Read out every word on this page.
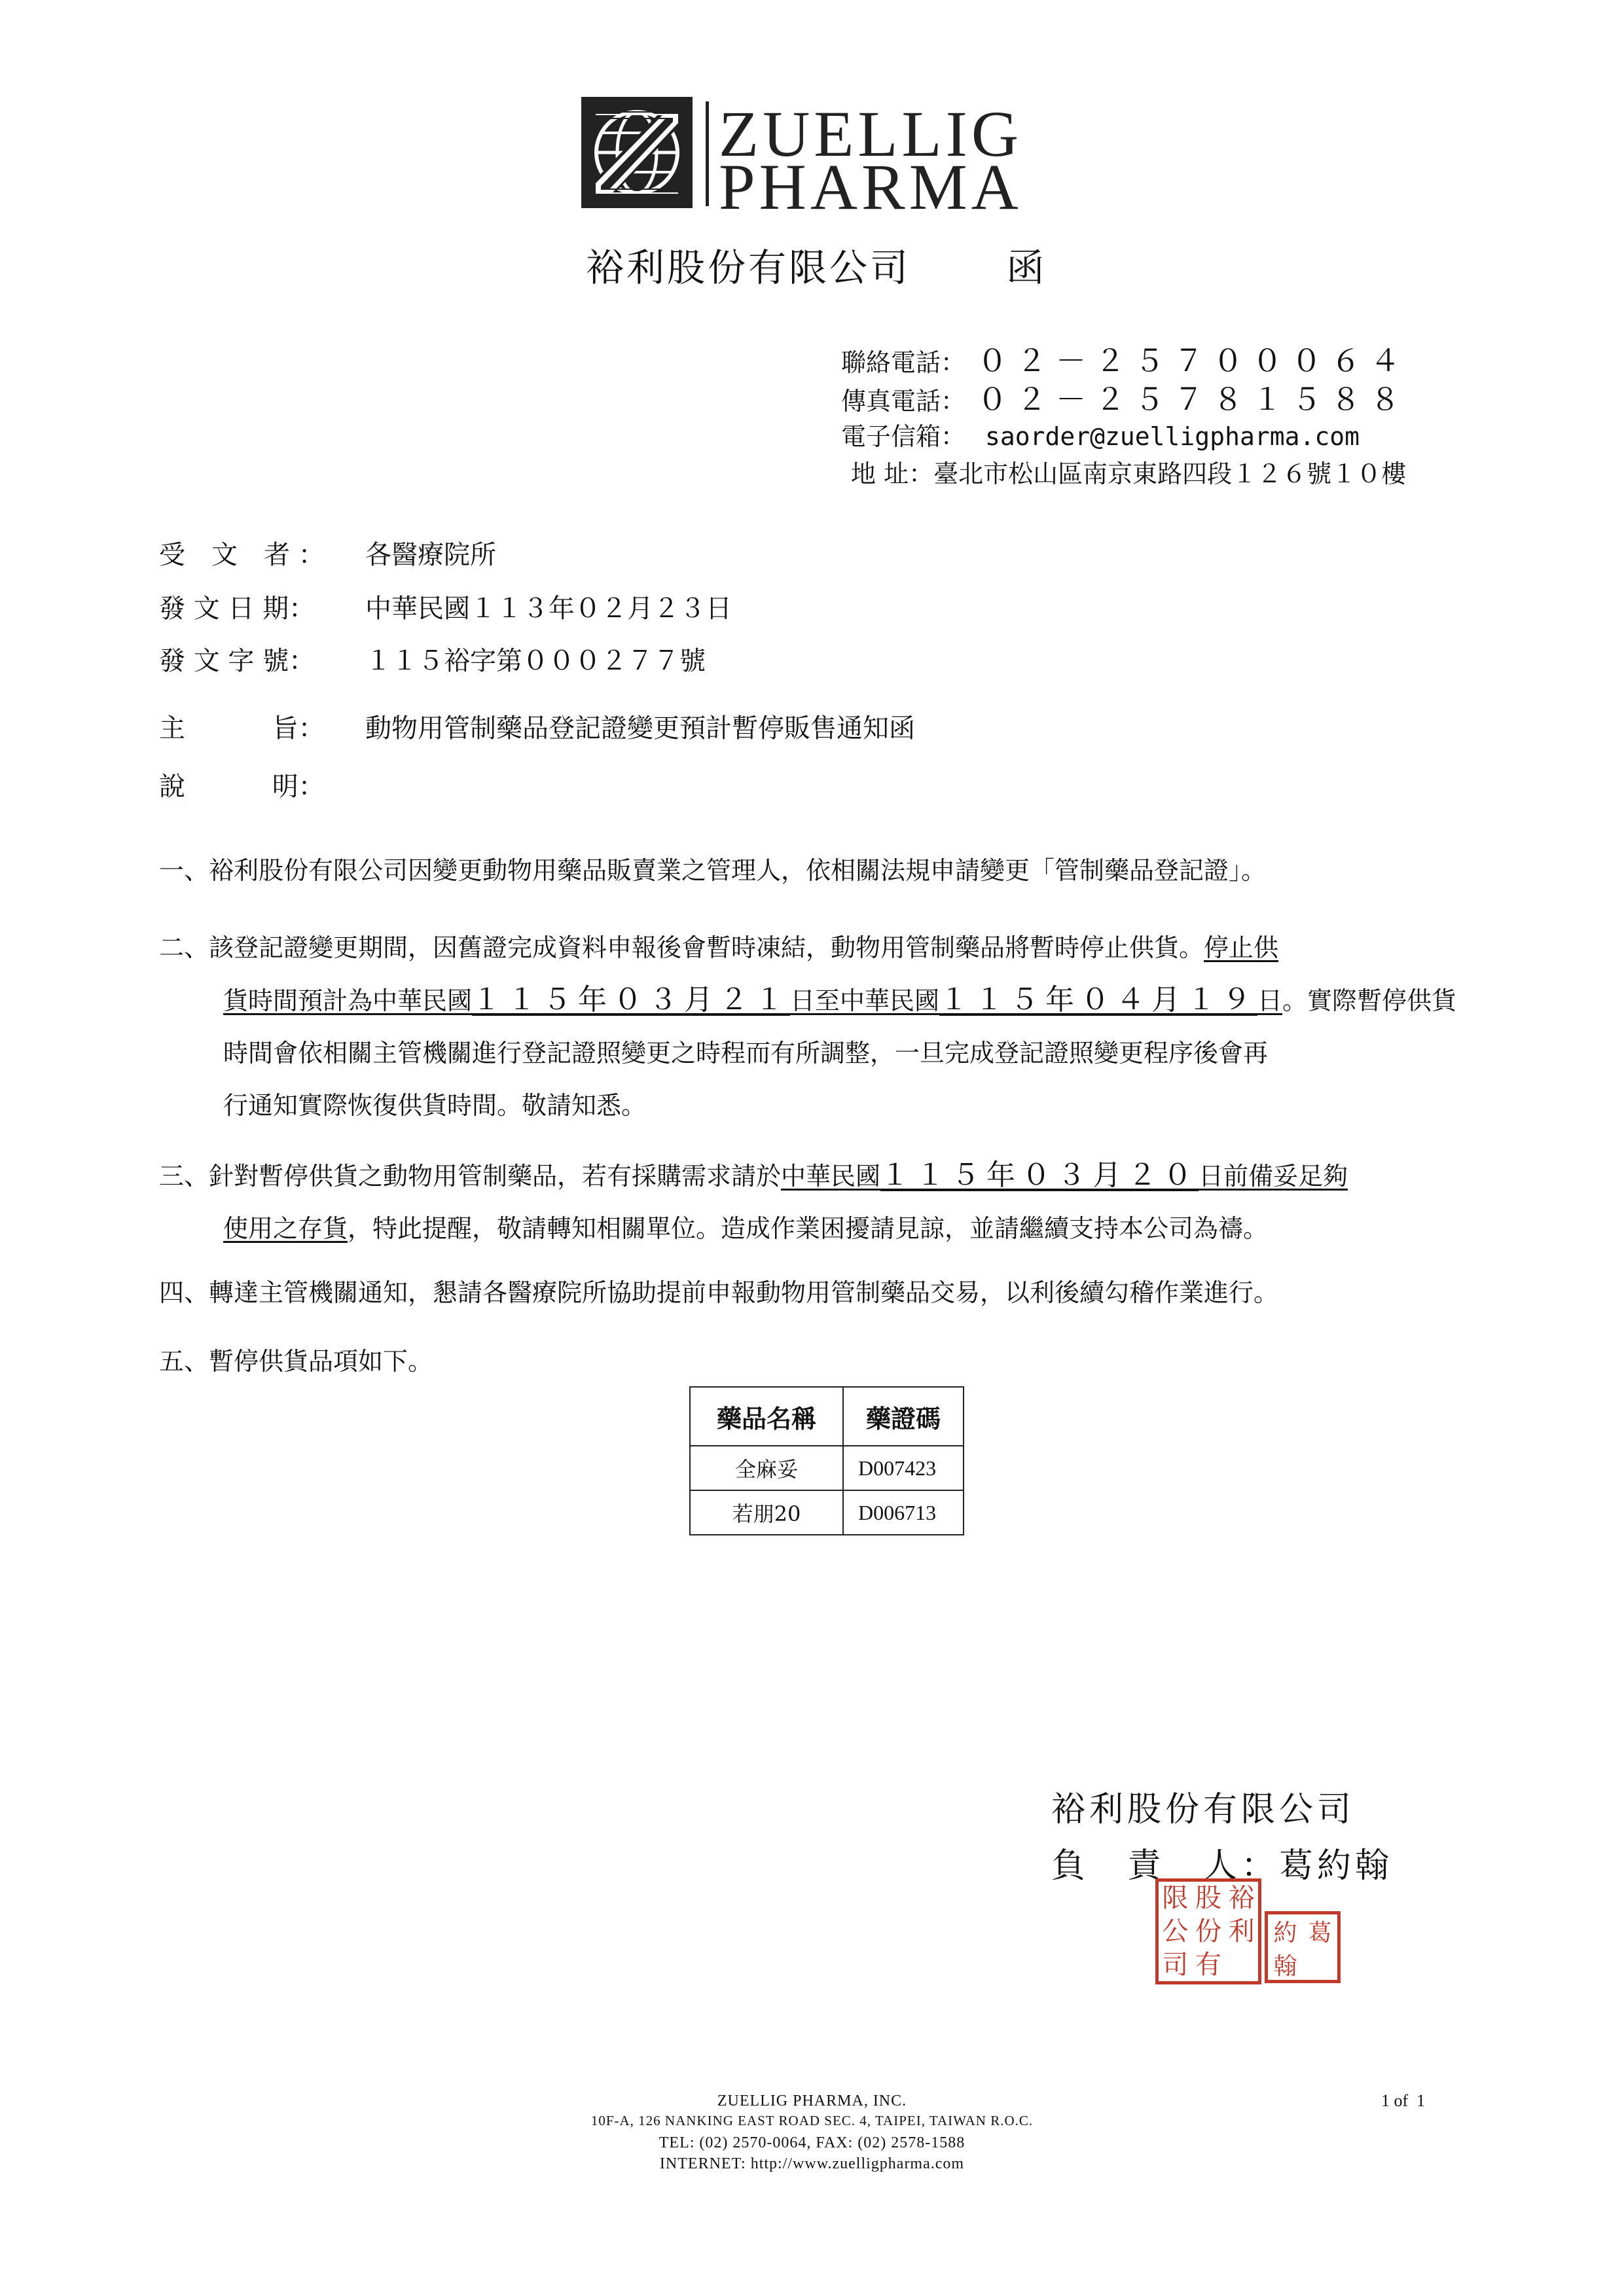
ZUELLIG
PHARMA
裕利股份有限公司　　 函
聯絡電話： ０２－２５７０００６４
傳真電話： ０２－２５７８１５８８
電子信箱： saorder@zuelligpharma.com
地 址：臺北市松山區南京東路四段１２６號１０樓
受　文　者 ： 各醫療院所
發 文 日 期： 中華民國１１３年０２月２３日
發 文 字 號： １１５裕字第０００２７７號
主　　　 旨： 動物用管制藥品登記證變更預計暫停販售通知函
說　　　 明：
一、裕利股份有限公司因變更動物用藥品販賣業之管理人，依相關法規申請變更「管制藥品登記證」。
二、該登記證變更期間，因舊證完成資料申報後會暫時凍結，動物用管制藥品將暫時停止供貨。停止供
貨時間預計為中華民國１１５年０３月２１日至中華民國１１５年０４月１９日。實際暫停供貨
時間會依相關主管機關進行登記證照變更之時程而有所調整，一旦完成登記證照變更程序後會再
行通知實際恢復供貨時間。敬請知悉。
三、針對暫停供貨之動物用管制藥品，若有採購需求請於中華民國１１５年０３月２０日前備妥足夠
使用之存貨，特此提醒，敬請轉知相關單位。造成作業困擾請見諒，並請繼續支持本公司為禱。
四、轉達主管機關通知，懇請各醫療院所協助提前申報動物用管制藥品交易，以利後續勾稽作業進行。
五、暫停供貨品項如下。
藥品名稱	藥證碼
全麻妥	D007423
若朋20	D006713
裕利股份有限公司
負　責　人：葛約翰
限 股 裕
公 份 利
司 有
約 葛
翰
ZUELLIG PHARMA, INC.
10F-A, 126 NANKING EAST ROAD SEC. 4, TAIPEI, TAIWAN R.O.C.
TEL: (02) 2570-0064, FAX: (02) 2578-1588
INTERNET: http://www.zuelligpharma.com
1 of  1
